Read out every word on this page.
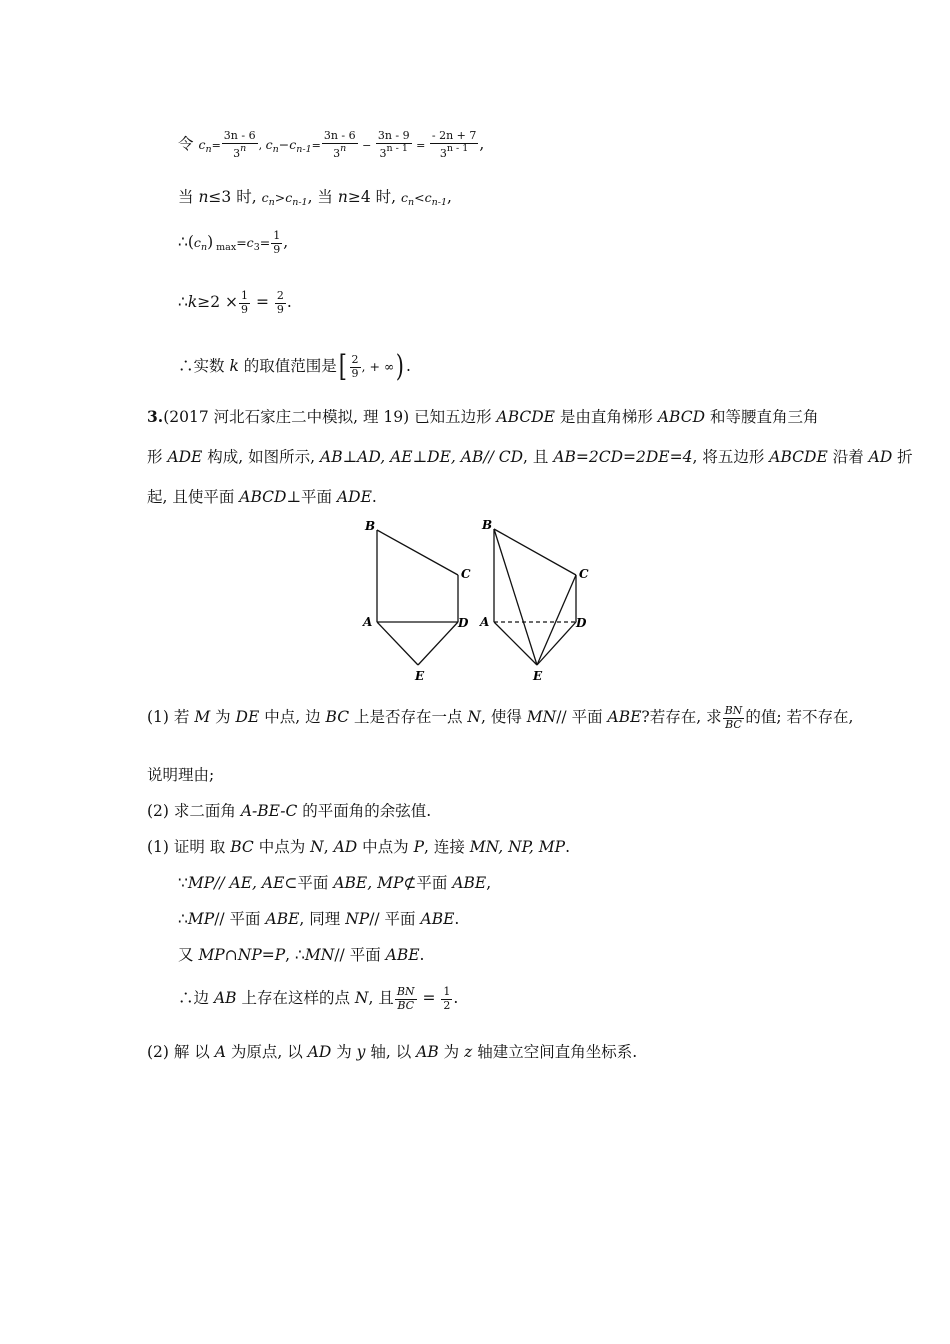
令 $c_n= \frac{3n - 6}{3n}$ , $c_n-c_{n-1}= \frac{3n - 6}{3n} - \frac{3n - 9}{3n - 1} = \frac{- 2n + 7}{3n - 1}$ ,
当 n≤3 时, $c_n>c_{n-1}$, 当 n≥4 时, $c_n<c_{n-1}$,
$\therefore(c_n)$ $_{max}=c_3= \frac{1}{9}$ ,
∴k≥2 × $\frac{1}{9} = \frac{2}{9}$ .
∴实数 k 的取值范围是[ $\frac{2}{9}$ , + ∞) .
3.(2017 河北石家庄二中模拟, 理 19) 已知五边形 ABCDE 是由直角梯形 ABCD 和等腰直角三角
形 ADE 构成, 如图所示, AB⊥AD, AE⊥DE, AB// CD, 且 AB=2CD=2DE=4, 将五边形 ABCDE 沿着 AD 折
起, 且使平面 ABCD⊥平面 ADE.
B
C
A	D
E
B
C
A	D
E
(1) 若 M 为 DE 中点, 边 BC 上是否存在一点 N, 使得 MN// 平面 ABE?若存在, 求 $\frac{BN}{BC}$ 的值; 若不存在,
说明理由;
(2) 求二面角 A-BE-C 的平面角的余弦值.
(1) 证明 取 BC 中点为 N, AD 中点为 P, 连接 MN, NP, MP.
∵MP// AE, AE⊂平面 ABE, MP⊄平面 ABE,
∴MP// 平面 ABE, 同理 NP// 平面 ABE.
又 MP∩NP=P, ∴MN// 平面 ABE.
∴边 AB 上存在这样的点 N, 且 $\frac{BN}{BC} = \frac{1}{2}$ .
(2) 解 以 A 为原点, 以 AD 为 y 轴, 以 AB 为 z 轴建立空间直角坐标系.
